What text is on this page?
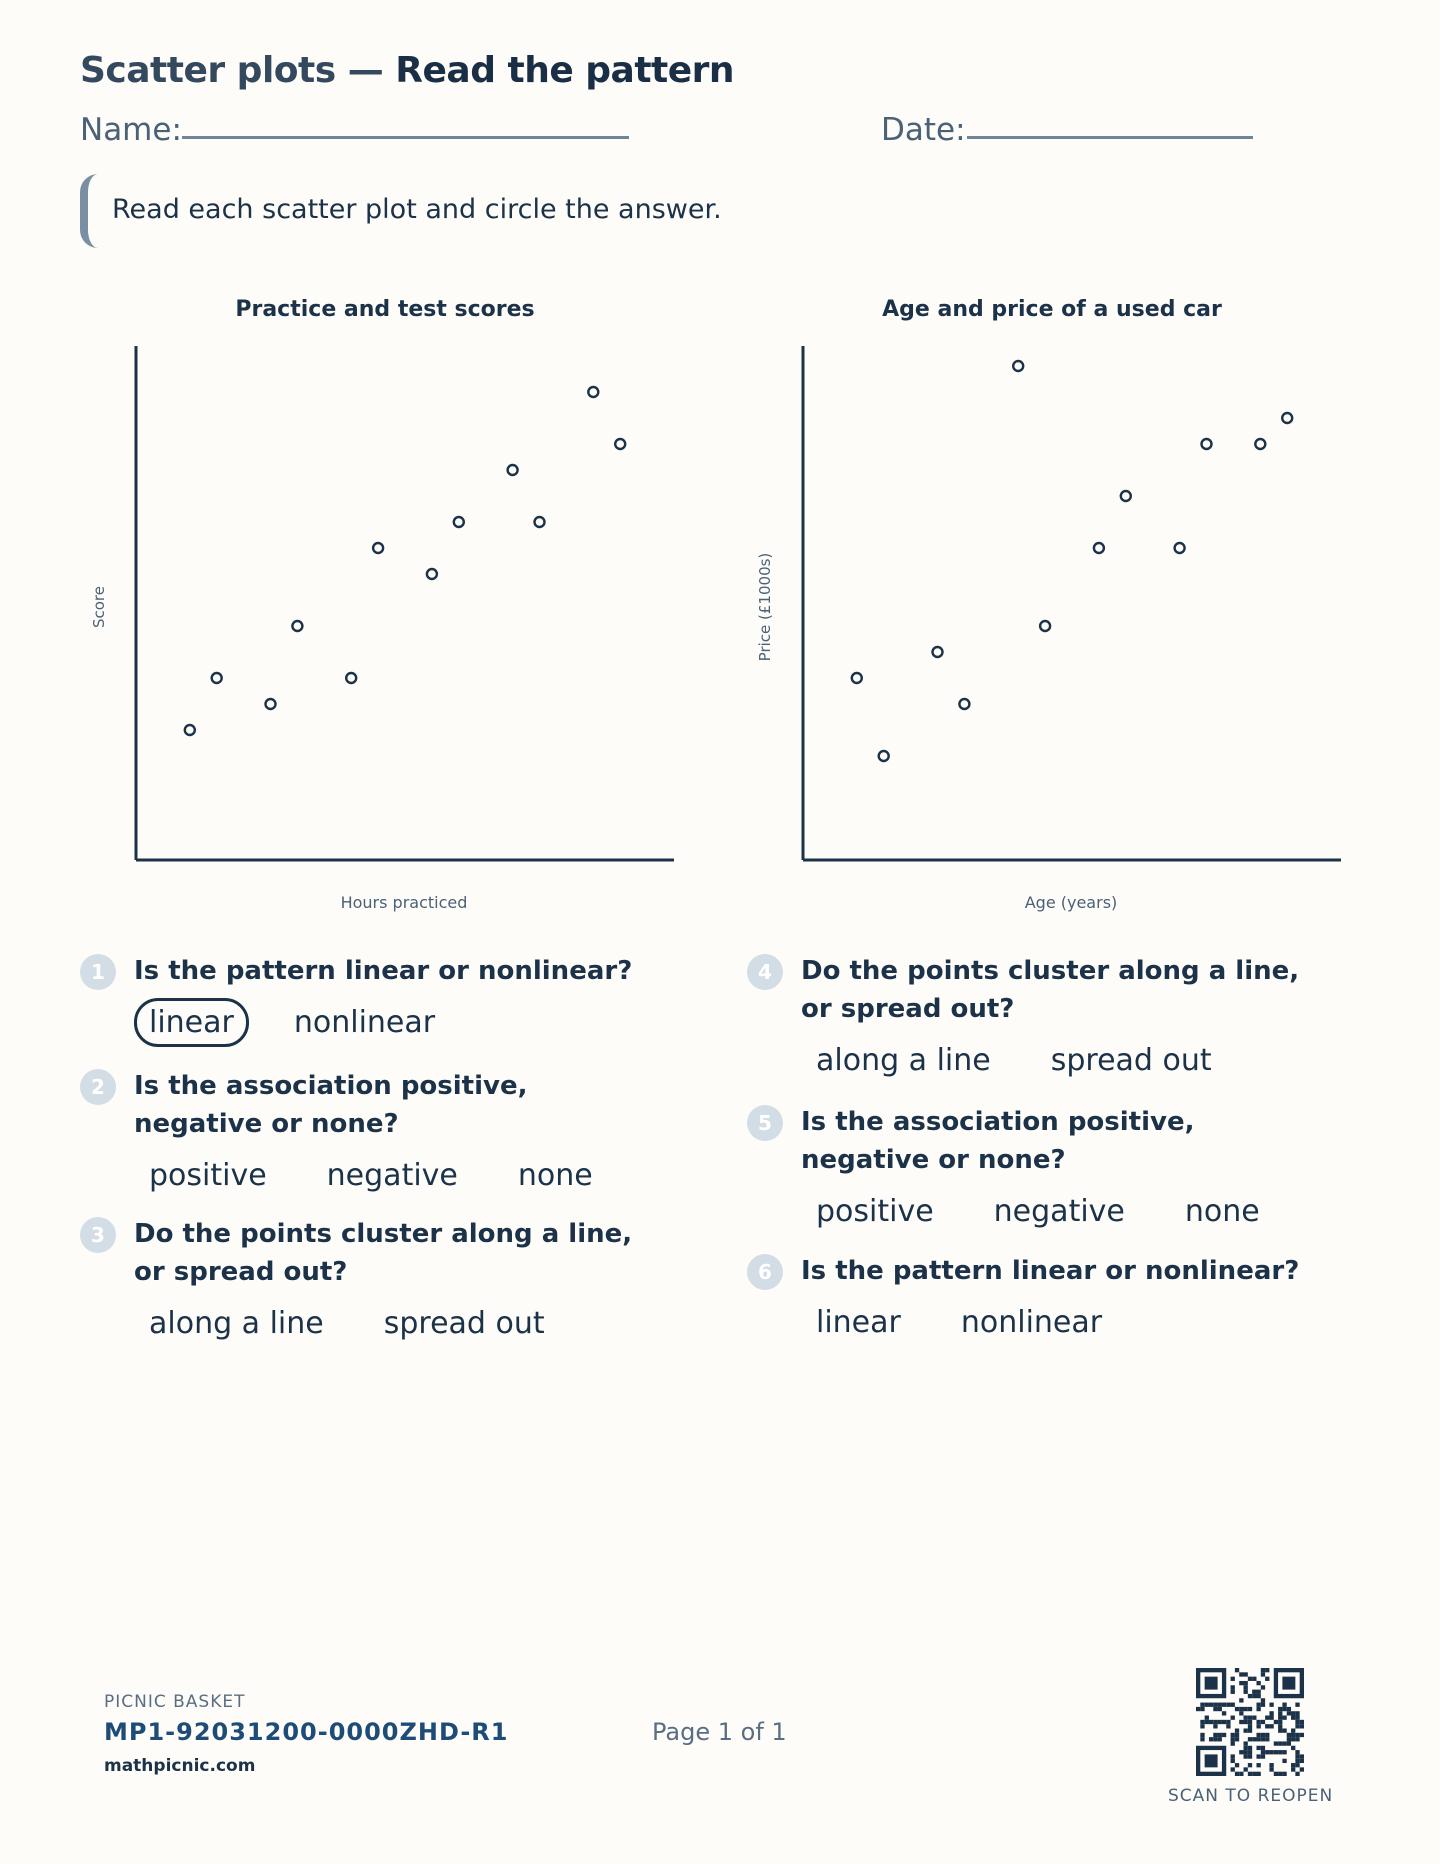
Scatter plots — Read the pattern
Name:	Date:
Read each scatter plot and circle the answer.
Practice and test scores
Hours practiced
Score
Age and price of a used car
Age (years)
Price (£1000s)
1	Is the pattern linear or nonlinear?
linear nonlinear
2	Is the association positive, negative or none?
positive negative none
3	Do the points cluster along a line, or spread out?
along a line spread out
4	Do the points cluster along a line, or spread out?
along a line spread out
5	Is the association positive, negative or none?
positive negative none
6	Is the pattern linear or nonlinear?
linear nonlinear
PICNIC BASKET
MP1-92031200-0000ZHD-R1
mathpicnic.com
Page 1 of 1
SCAN TO REOPEN
